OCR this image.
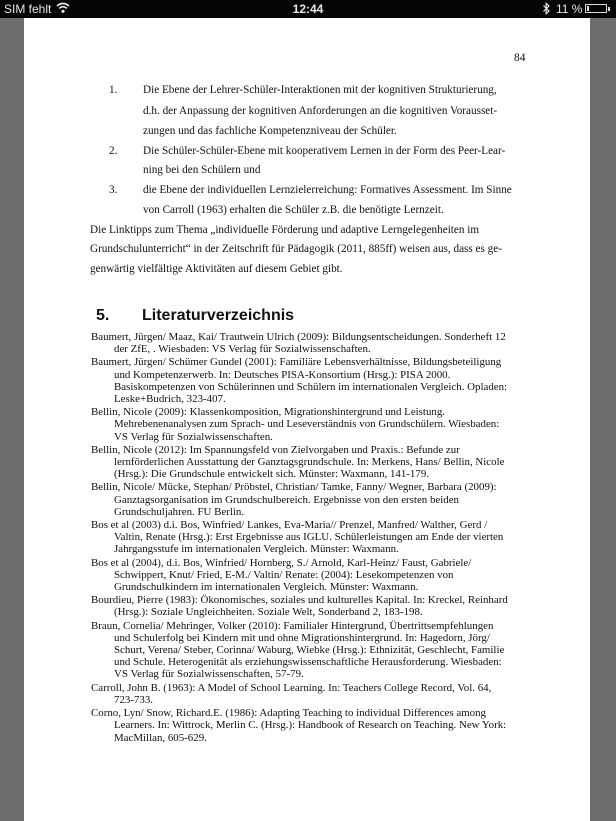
SIM fehlt	12:44	11 %
84
1. Die Ebene der Lehrer-Schüler-Interaktionen mit der kognitiven Strukturierung,
d.h. der Anpassung der kognitiven Anforderungen an die kognitiven Vorausset-
zungen und das fachliche Kompetenzniveau der Schüler.
2. Die Schüler-Schüler-Ebene mit kooperativem Lernen in der Form des Peer-Lear-
ning bei den Schülern und
3. die Ebene der individuellen Lernzielerreichung: Formatives Assessment. Im Sinne
von Carroll (1963) erhalten die Schüler z.B. die benötigte Lernzeit.
Die Linktipps zum Thema „individuelle Förderung und adaptive Lerngelegenheiten im
Grundschulunterricht“ in der Zeitschrift für Pädagogik (2011, 885ff) weisen aus, dass es ge-
genwärtig vielfältige Aktivitäten auf diesem Gebiet gibt.
5. Literaturverzeichnis

Baumert, Jürgen/ Maaz, Kai/ Trautwein Ulrich (2009): Bildungsentscheidungen. Sonderheft 12 der ZfE, . Wiesbaden: VS Verlag für Sozialwissenschaften.

Baumert, Jürgen/ Schümer Gundel (2001): Familiäre Lebensverhältnisse, Bildungsbeteiligung und Kompetenzerwerb. In: Deutsches PISA-Konsortium (Hrsg.): PISA 2000. Basiskompetenzen von Schülerinnen und Schülern im internationalen Vergleich. Opladen: Leske+Budrich, 323-407.

Bellin, Nicole (2009): Klassenkomposition, Migrationshintergrund und Leistung. Mehrebenenanalysen zum Sprach- und Leseverständnis von Grundschülern. Wiesbaden: VS Verlag für Sozialwissenschaften.

Bellin, Nicole (2012): Im Spannungsfeld von Zielvorgaben und Praxis.: Befunde zur lernförderlichen Ausstattung der Ganztagsgrundschule. In: Merkens, Hans/ Bellin, Nicole (Hrsg.): Die Grundschule entwickelt sich. Münster: Waxmann, 141-179.

Bellin, Nicole/ Mücke, Stephan/ Pröbstel, Christian/ Tamke, Fanny/ Wegner, Barbara (2009): Ganztagsorganisation im Grundschulbereich. Ergebnisse von den ersten beiden Grundschuljahren. FU Berlin.

Bos et al (2003) d.i. Bos, Winfried/ Lankes, Eva-Maria// Prenzel, Manfred/ Walther, Gerd / Valtin, Renate (Hrsg.): Erst Ergebnisse aus IGLU. Schülerleistungen am Ende der vierten Jahrgangsstufe im internationalen Vergleich. Münster: Waxmann.

Bos et al (2004), d.i. Bos, Winfried/ Hornberg, S./ Arnold, Karl-Heinz/ Faust, Gabriele/ Schwippert, Knut/ Fried, E-M./ Valtin/ Renate: (2004): Lesekompetenzen von Grundschulkindern im internationalen Vergleich. Münster: Waxmann.

Bourdieu, Pierre (1983): Ökonomisches, soziales und kulturelles Kapital. In: Kreckel, Reinhard (Hrsg.): Soziale Ungleichheiten. Soziale Welt, Sonderband 2, 183-198.

Braun, Cornelia/ Mehringer, Volker (2010): Familialer Hintergrund, Übertrittsempfehlungen und Schulerfolg bei Kindern mit und ohne Migrationshintergrund. In: Hagedorn, Jörg/ Schurt, Verena/ Steber, Corinna/ Waburg, Wiebke (Hrsg.): Ethnizität, Geschlecht, Familie und Schule. Heterogenität als erziehungswissenschaftliche Herausforderung. Wiesbaden: VS Verlag für Sozialwissenschaften, 57-79.

Carroll, John B. (1963): A Model of School Learning. In: Teachers College Record, Vol. 64, 723-733.

Corno, Lyn/ Snow, Richard.E. (1986): Adapting Teaching to individual Differences among Learners. In: Wittrock, Merlin C. (Hrsg.): Handbook of Research on Teaching. New York: MacMillan, 605-629.
